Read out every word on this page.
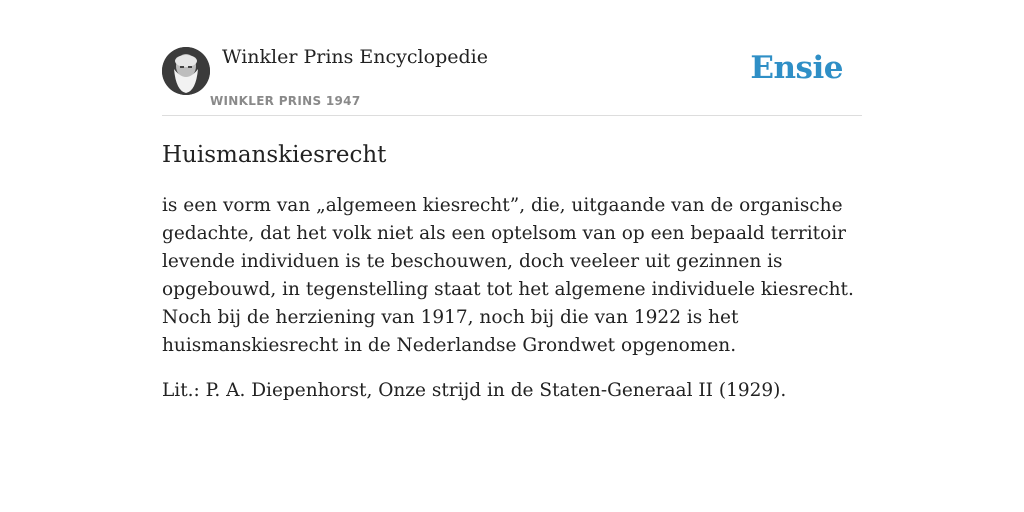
Winkler Prins Encyclopedie
WINKLER PRINS 1947
Ensie
Huismanskiesrecht

is een vorm van „algemeen kiesrecht”, die, uitgaande van de organische gedachte, dat het volk niet als een optelsom van op een bepaald territoir levende individuen is te beschouwen, doch veeleer uit gezinnen is opgebouwd, in tegenstelling staat tot het algemene individuele kiesrecht. Noch bij de herziening van 1917, noch bij die van 1922 is het huismanskiesrecht in de Nederlandse Grondwet opgenomen.

Lit.: P. A. Diepenhorst, Onze strijd in de Staten-Generaal II (1929).
